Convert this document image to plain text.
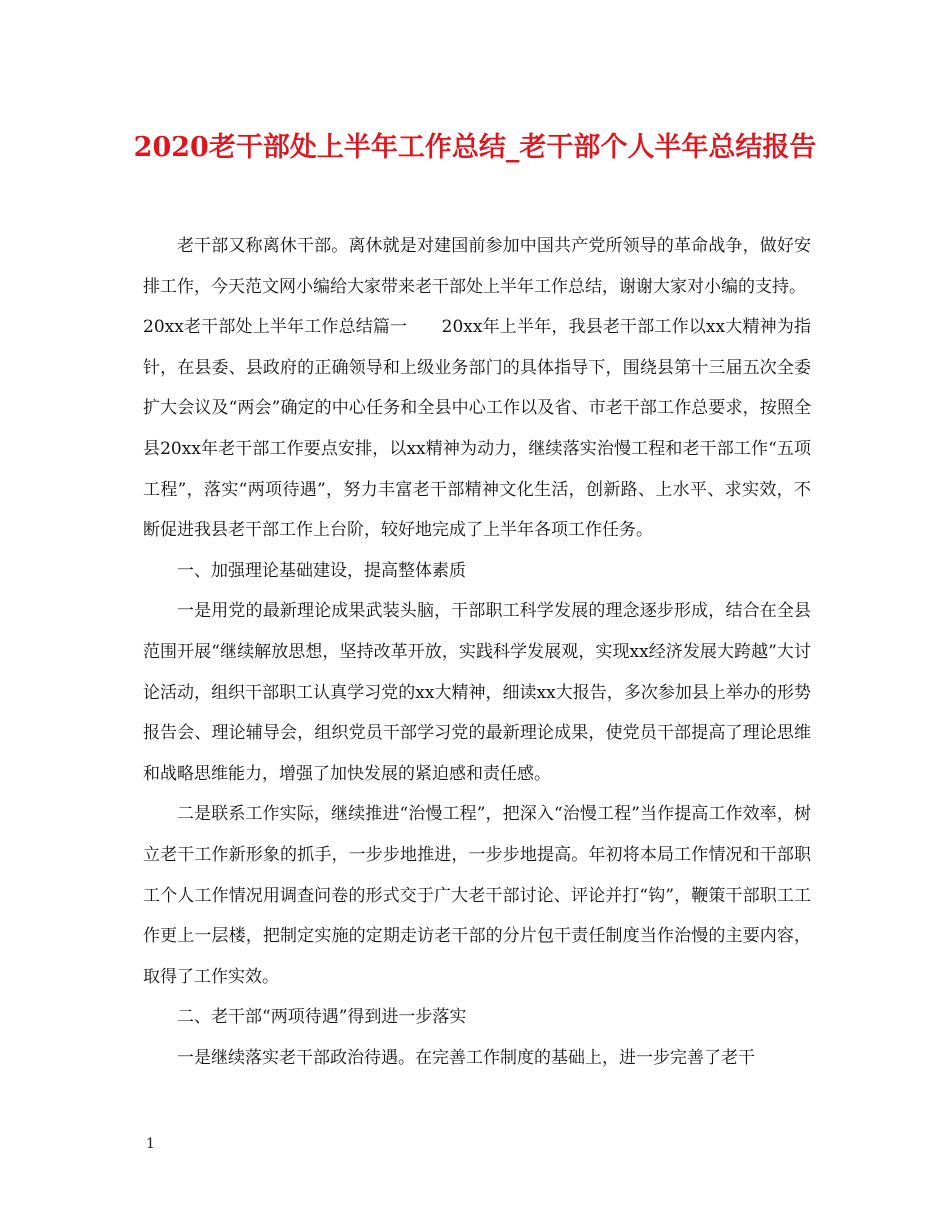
2020老干部处上半年工作总结_老干部个人半年总结报告

老干部又称离休干部。离休就是对建国前参加中国共产党所领导的革命战争，做好安排工作，今天范文网小编给大家带来老干部处上半年工作总结，谢谢大家对小编的支持。

20xx老干部处上半年工作总结篇一　　20xx年上半年，我县老干部工作以xx大精神为指针，在县委、县政府的正确领导和上级业务部门的具体指导下，围绕县第十三届五次全委扩大会议及“两会”确定的中心任务和全县中心工作以及省、市老干部工作总要求，按照全县20xx年老干部工作要点安排，以xx精神为动力，继续落实治慢工程和老干部工作“五项工程”，落实“两项待遇”，努力丰富老干部精神文化生活，创新路、上水平、求实效，不断促进我县老干部工作上台阶，较好地完成了上半年各项工作任务。

一、加强理论基础建设，提高整体素质

一是用党的最新理论成果武装头脑，干部职工科学发展的理念逐步形成，结合在全县范围开展“继续解放思想，坚持改革开放，实践科学发展观，实现xx经济发展大跨越”大讨论活动，组织干部职工认真学习党的xx大精神，细读xx大报告，多次参加县上举办的形势报告会、理论辅导会，组织党员干部学习党的最新理论成果，使党员干部提高了理论思维和战略思维能力，增强了加快发展的紧迫感和责任感。

二是联系工作实际，继续推进“治慢工程”，把深入“治慢工程”当作提高工作效率，树立老干工作新形象的抓手，一步步地推进，一步步地提高。年初将本局工作情况和干部职工个人工作情况用调查问卷的形式交于广大老干部讨论、评论并打“钩”，鞭策干部职工工作更上一层楼，把制定实施的定期走访老干部的分片包干责任制度当作治慢的主要内容，取得了工作实效。

二、老干部“两项待遇”得到进一步落实

一是继续落实老干部政治待遇。在完善工作制度的基础上，进一步完善了老干

1
